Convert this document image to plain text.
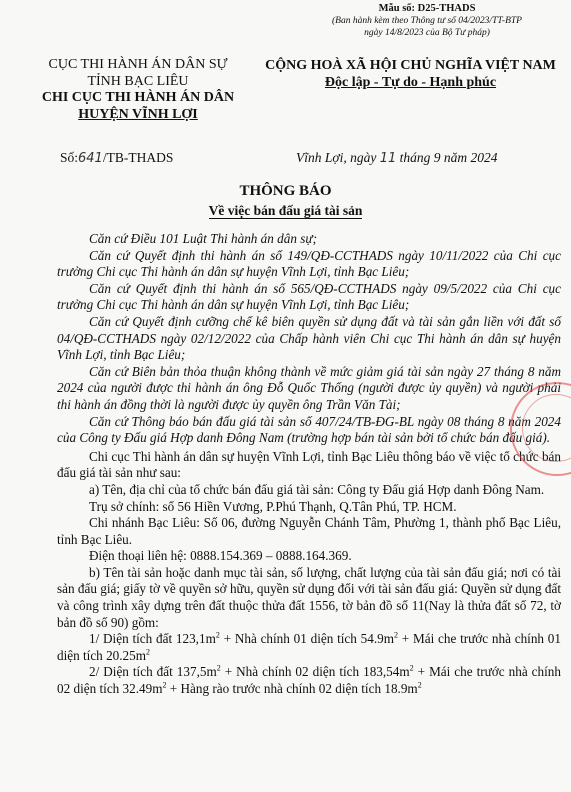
Mẫu số: D25-THADS
(Ban hành kèm theo Thông tư số 04/2023/TT-BTP
ngày 14/8/2023 của Bộ Tư pháp)
CỤC THI HÀNH ÁN DÂN SỰ
TỈNH BẠC LIÊU
CHI CỤC THI HÀNH ÁN DÂN
HUYỆN VĨNH LỢI
CỘNG HOÀ XÃ HỘI CHỦ NGHĨA VIỆT NAM
Độc lập - Tự do - Hạnh phúc
Số:641/TB-THADS	Vĩnh Lợi, ngày 11 tháng 9 năm 2024
THÔNG BÁO
Về việc bán đấu giá tài sản

Căn cứ Điều 101 Luật Thi hành án dân sự;

Căn cứ Quyết định thi hành án số 149/QĐ-CCTHADS ngày 10/11/2022 của Chi cục trưởng Chi cục Thi hành án dân sự huyện Vĩnh Lợi, tỉnh Bạc Liêu;

Căn cứ Quyết định thi hành án số 565/QĐ-CCTHADS ngày 09/5/2022 của Chi cục trưởng Chi cục Thi hành án dân sự huyện Vĩnh Lợi, tỉnh Bạc Liêu;

Căn cứ Quyết định cưỡng chế kê biên quyền sử dụng đất và tài sản gắn liền với đất số 04/QĐ-CCTHADS ngày 02/12/2022 của Chấp hành viên Chi cục Thi hành án dân sự huyện Vĩnh Lợi, tỉnh Bạc Liêu;

Căn cứ Biên bản thỏa thuận không thành về mức giảm giá tài sản ngày 27 tháng 8 năm 2024 của người được thi hành án ông Đỗ Quốc Thống (người được ủy quyền) và người phải thi hành án đồng thời là người được ủy quyền ông Trần Văn Tài;

Căn cứ Thông báo bán đấu giá tài sản số 407/24/TB-ĐG-BL ngày 08 tháng 8 năm 2024 của Công ty Đấu giá Hợp danh Đông Nam (trường hợp bán tài sản bởi tổ chức bán đấu giá).

Chi cục Thi hành án dân sự huyện Vĩnh Lợi, tỉnh Bạc Liêu thông báo về việc tổ chức bán đấu giá tài sản như sau:

a) Tên, địa chỉ của tổ chức bán đấu giá tài sản: Công ty Đấu giá Hợp danh Đông Nam.

Trụ sở chính: số 56 Hiền Vương, P.Phú Thạnh, Q.Tân Phú, TP. HCM.

Chi nhánh Bạc Liêu: Số 06, đường Nguyễn Chánh Tâm, Phường 1, thành phố Bạc Liêu, tỉnh Bạc Liêu.

Điện thoại liên hệ: 0888.154.369 – 0888.164.369.

b) Tên tài sản hoặc danh mục tài sản, số lượng, chất lượng của tài sản đấu giá; nơi có tài sản đấu giá; giấy tờ về quyền sở hữu, quyền sử dụng đối với tài sản đấu giá: Quyền sử dụng đất và công trình xây dựng trên đất thuộc thửa đất 1556, tờ bản đồ số 11(Nay là thửa đất số 72, tờ bản đồ số 90) gồm:

1/ Diện tích đất $123,1m^2$ + Nhà chính 01 diện tích $54.9m^2$ + Mái che trước nhà chính 01 diện tích $20.25m^2$

2/ Diện tích đất $137,5m^2$ + Nhà chính 02 diện tích $183,54m^2$ + Mái che trước nhà chính 02 diện tích $32.49m^2$ + Hàng rào trước nhà chính 02 diện tích $18.9m^2$
